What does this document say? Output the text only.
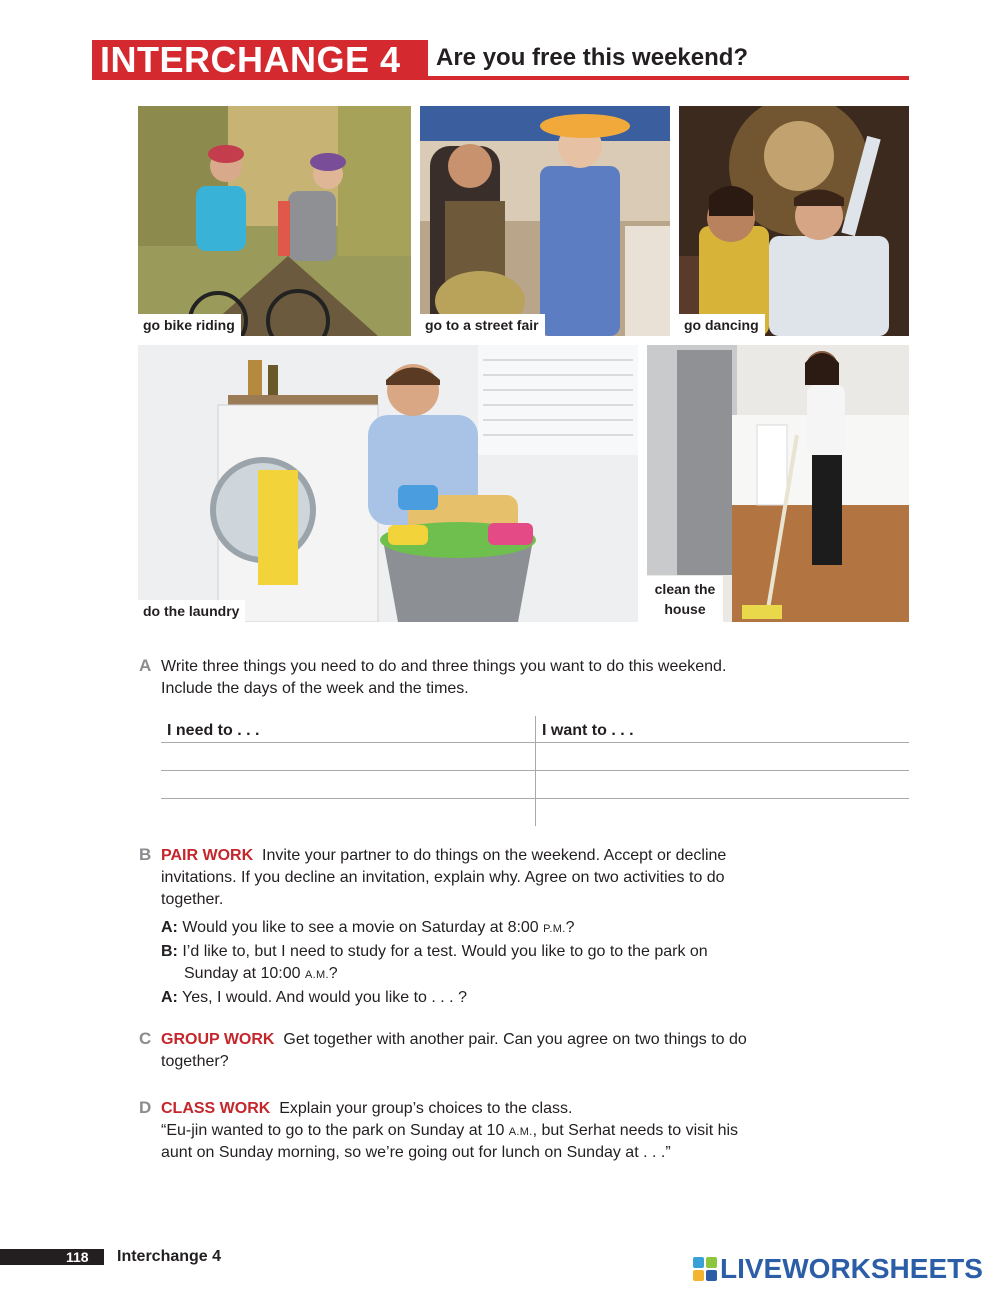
INTERCHANGE 4 Are you free this weekend?
go bike riding	go to a street fair	go dancing
do the laundry
clean the house
A Write three things you need to do and three things you want to do this weekend.
Include the days of the week and the times.
I need to . . .	I want to . . .
B PAIR WORK Invite your partner to do things on the weekend. Accept or decline
invitations. If you decline an invitation, explain why. Agree on two activities to do
together.
A: Would you like to see a movie on Saturday at 8:00 P.M.?
B: I’d like to, but I need to study for a test. Would you like to go to the park on
Sunday at 10:00 A.M.?
A: Yes, I would. And would you like to . . . ?
C GROUP WORK Get together with another pair. Can you agree on two things to do
together?
D CLASS WORK Explain your group’s choices to the class.
“Eu-jin wanted to go to the park on Sunday at 10 A.M., but Serhat needs to visit his
aunt on Sunday morning, so we’re going out for lunch on Sunday at . . .”
118 Interchange 4	LIVEWORKSHEETS
